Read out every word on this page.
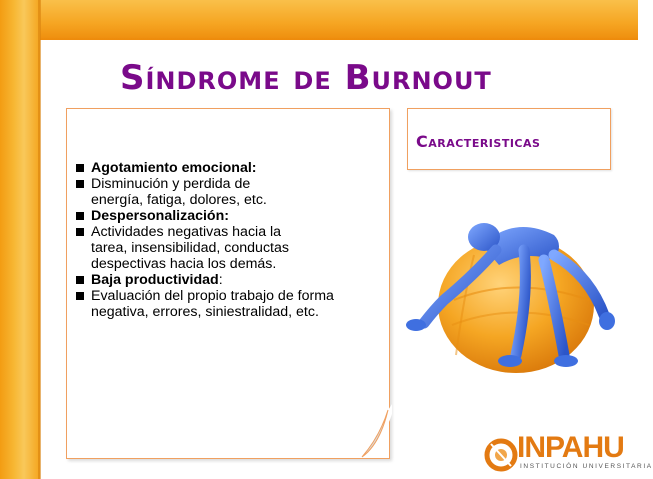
Síndrome de Burnout
Agotamiento emocional:
Disminución y perdida de
energía, fatiga, dolores, etc.
Despersonalización:
Actividades negativas hacia la
tarea, insensibilidad, conductas
despectivas hacia los demás.
Baja productividad:
Evaluación del propio trabajo de forma
negativa, errores, siniestralidad, etc.
Caracteristicas
INPAHU
INSTITUCIÓN UNIVERSITARIA
